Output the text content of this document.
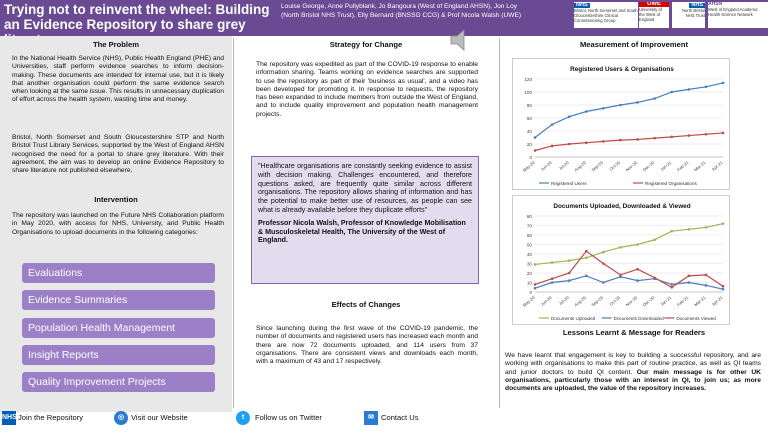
Trying not to reinvent the wheel: Building an Evidence Repository to share grey
Louise George, Anne Pullyblank, Jo Bangoura (West of England AHSN), Jon Loy
(North Bristol NHS Trust), Elly Bernard (BNSSG CCG) & Prof Nicola Walsh (UWE)
NHS
Bristol, North Somerset and South Gloucestershire Clinical Commissioning Group
UWE
University of the West of England
NHS
North Bristol NHS Trust
AHSN
West of England Academic Health Science Network
The Problem

In the National Health Service (NHS), Public Health England (PHE) and Universities, staff perform evidence searches to inform decision-making. These documents are intended for internal use, but it is likely that another organisation could perform the same evidence search when looking at the same issue. This results in unnecessary duplication of effort across the health system, wasting time and money.

Bristol, North Somerset and South Gloucestershire STP and North Bristol Trust Library Services, supported by the West of England AHSN recognised the need for a portal to share grey literature. With their agreement, the aim was to develop an online Evidence Repository to share literature not published elsewhere.

Intervention

The repository was launched on the Future NHS Collaboration platform in May 2020, with access for NHS, University, and Public Health Organisations to upload documents in the following categories:

Evaluations
Evidence Summaries
Population Health Management
Insight Reports
Quality Improvement Projects
Strategy for Change

The repository was expedited as part of the COVID-19 response to enable information sharing. Teams working on evidence searches are supported to use the repository as part of their 'business as usual', and a video has been developed for promoting it. In response to requests, the repository has been expanded to include members from outside the West of England, and to include quality improvement and population health management projects.

"Healthcare organisations are constantly seeking evidence to assist with decision making. Challenges encountered, and therefore questions asked, are frequently quite similar across different organisations. The repository allows sharing of information and has the potential to make better use of resources, as people can see what is already available before they duplicate efforts"
Professor Nicola Walsh, Professor of Knowledge Mobilisation & Musculoskeletal Health, The University of the West of England.
Effects of Changes

Since launching during the first wave of the COVID-19 pandemic, the number of documents and registered users has increased each month and there are now 72 documents uploaded, and 114 users from 37 organisations. There are consistent views and downloads each month, with a maximum of 43 and 17 respectively.

Measurement of Improvement
Registered Users & Organisations
0
20
40
60
80
100
120
May-20 Jun-20 Jul-20 Aug-20 Sep-20 Oct-20 Nov-20 Dec-20 Jan-21 Feb-21 Mar-21 Apr-21
Registered Users	Registered Organisations
Documents Uploaded, Downloaded & Viewed
0
10
20
30
40
50
60
70
80
May-20 Jun-20 Jul-20 Aug-20 Sep-20 Oct-20 Nov-20 Dec-20 Jan-21 Feb-21 Mar-21 Apr-21
Documents Uploaded	Documents Downloaded	Documents Viewed
Lessons Learnt & Message for Readers

We have learnt that engagement is key to building a successful repository, and are working with organisations to make this part of routine practice, as well as QI teams and junior doctors to build QI content. Our main message is for other UK organisations, particularly those with an interest in QI, to join us; as more documents are uploaded, the value of the repository increases.

NHS Join the Repository	◎ Visit our Website	t	Follow us on Twitter	✉ Contact Us
